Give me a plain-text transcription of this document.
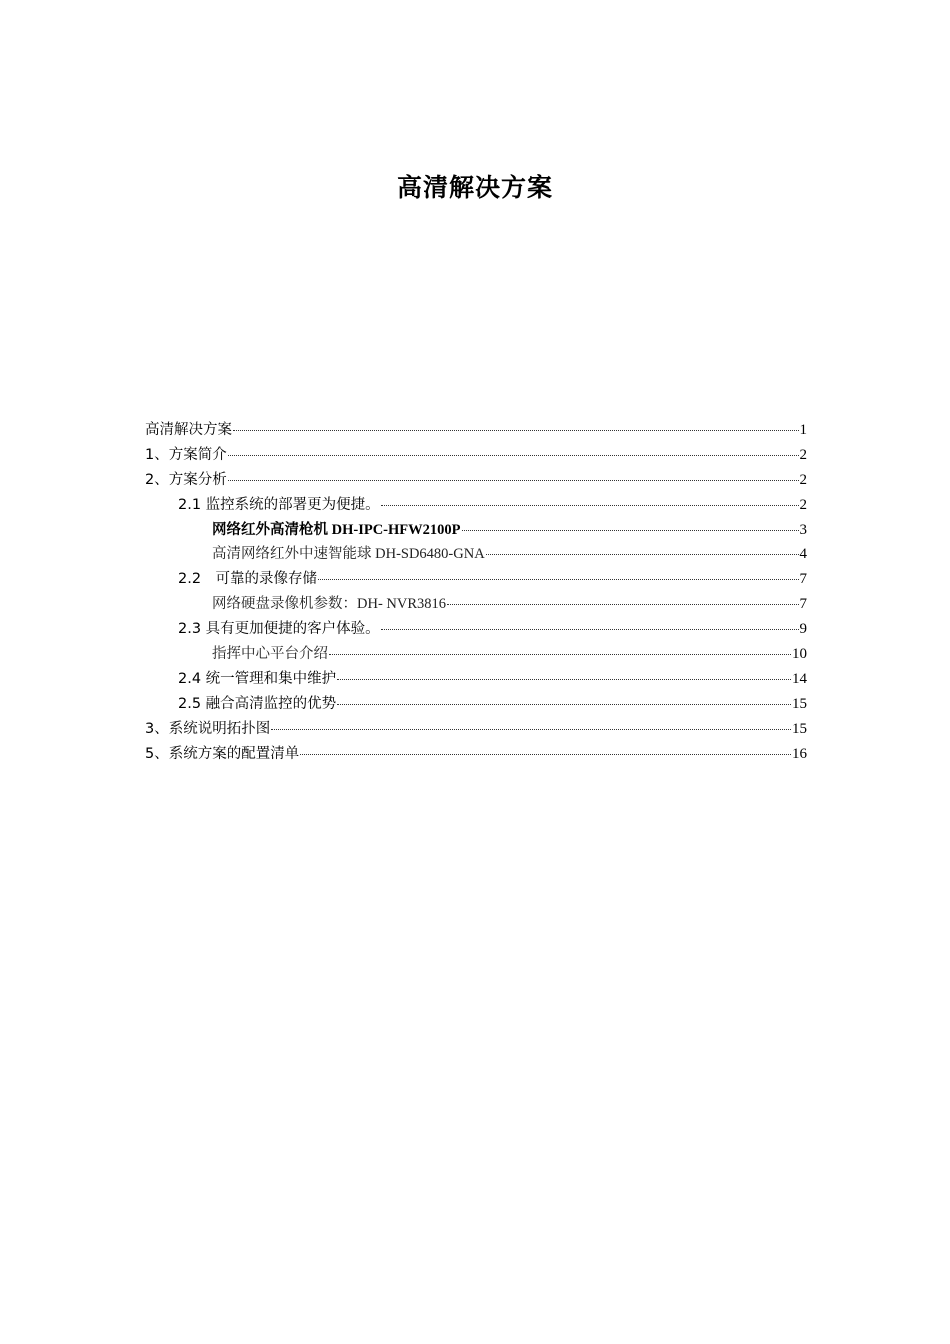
高清解决方案
高清解决方案	1
1、方案简介	2
2、方案分析	2
2.1 监控系统的部署更为便捷。	2
网络红外高清枪机 DH-IPC-HFW2100P	3
高清网络红外中速智能球 DH-SD6480-GNA	4
2.2　可靠的录像存储	7
网络硬盘录像机参数：DH- NVR3816	7
2.3 具有更加便捷的客户体验。	9
指挥中心平台介绍	10
2.4 统一管理和集中维护	14
2.5 融合高清监控的优势	15
3、系统说明拓扑图	15
5、系统方案的配置清单	16
